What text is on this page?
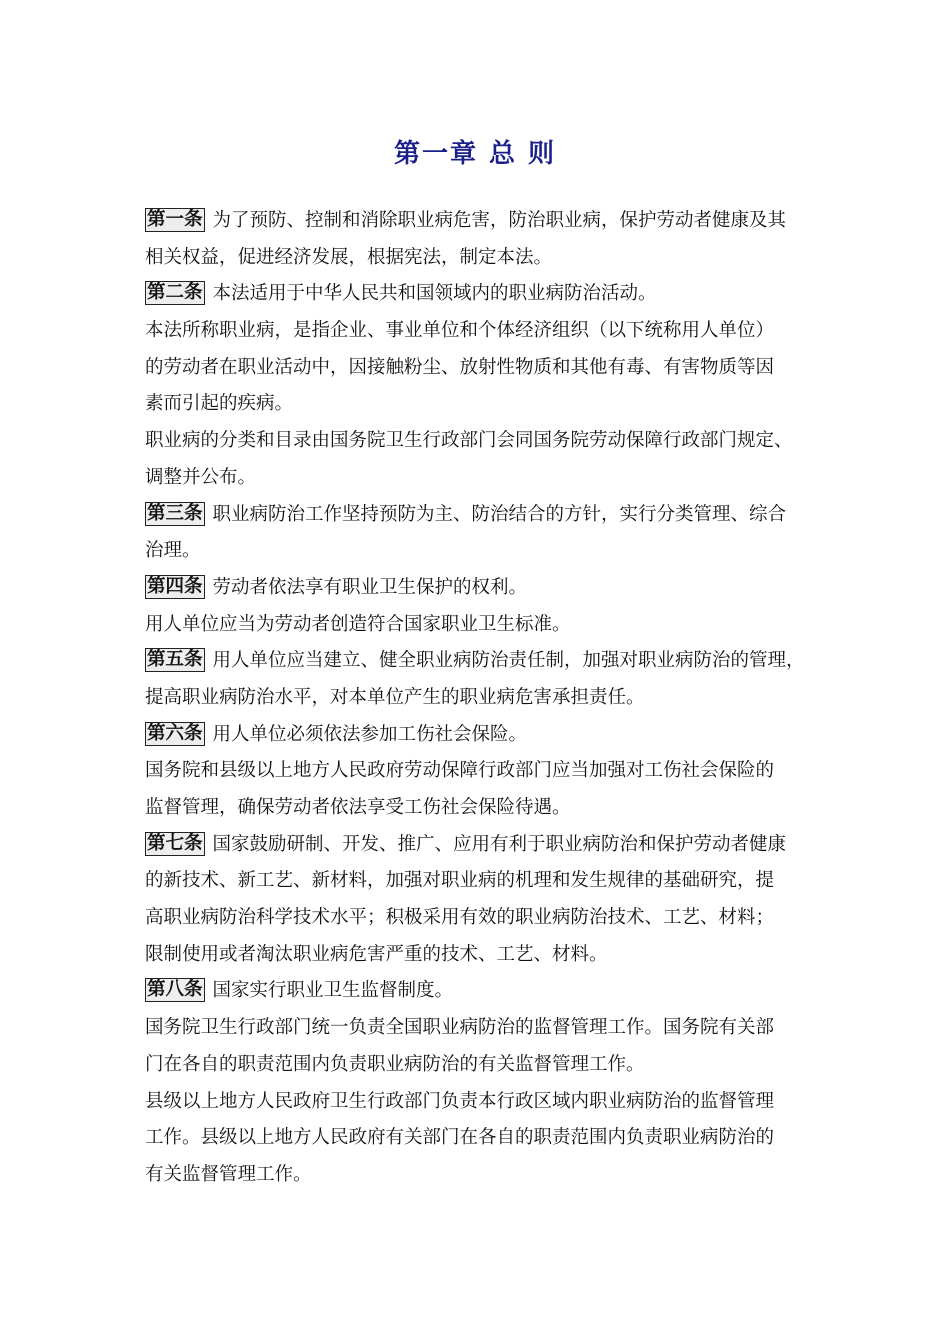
第一章 总 则
第一条 为了预防、控制和消除职业病危害，防治职业病，保护劳动者健康及其
相关权益，促进经济发展，根据宪法，制定本法。
第二条 本法适用于中华人民共和国领域内的职业病防治活动。
本法所称职业病，是指企业、事业单位和个体经济组织（以下统称用人单位）
的劳动者在职业活动中，因接触粉尘、放射性物质和其他有毒、有害物质等因
素而引起的疾病。
职业病的分类和目录由国务院卫生行政部门会同国务院劳动保障行政部门规定、
调整并公布。
第三条 职业病防治工作坚持预防为主、防治结合的方针，实行分类管理、综合
治理。
第四条 劳动者依法享有职业卫生保护的权利。
用人单位应当为劳动者创造符合国家职业卫生标准。
第五条 用人单位应当建立、健全职业病防治责任制，加强对职业病防治的管理，
提高职业病防治水平，对本单位产生的职业病危害承担责任。
第六条 用人单位必须依法参加工伤社会保险。
国务院和县级以上地方人民政府劳动保障行政部门应当加强对工伤社会保险的
监督管理，确保劳动者依法享受工伤社会保险待遇。
第七条 国家鼓励研制、开发、推广、应用有利于职业病防治和保护劳动者健康
的新技术、新工艺、新材料，加强对职业病的机理和发生规律的基础研究，提
高职业病防治科学技术水平；积极采用有效的职业病防治技术、工艺、材料；
限制使用或者淘汰职业病危害严重的技术、工艺、材料。
第八条 国家实行职业卫生监督制度。
国务院卫生行政部门统一负责全国职业病防治的监督管理工作。国务院有关部
门在各自的职责范围内负责职业病防治的有关监督管理工作。
县级以上地方人民政府卫生行政部门负责本行政区域内职业病防治的监督管理
工作。县级以上地方人民政府有关部门在各自的职责范围内负责职业病防治的
有关监督管理工作。
